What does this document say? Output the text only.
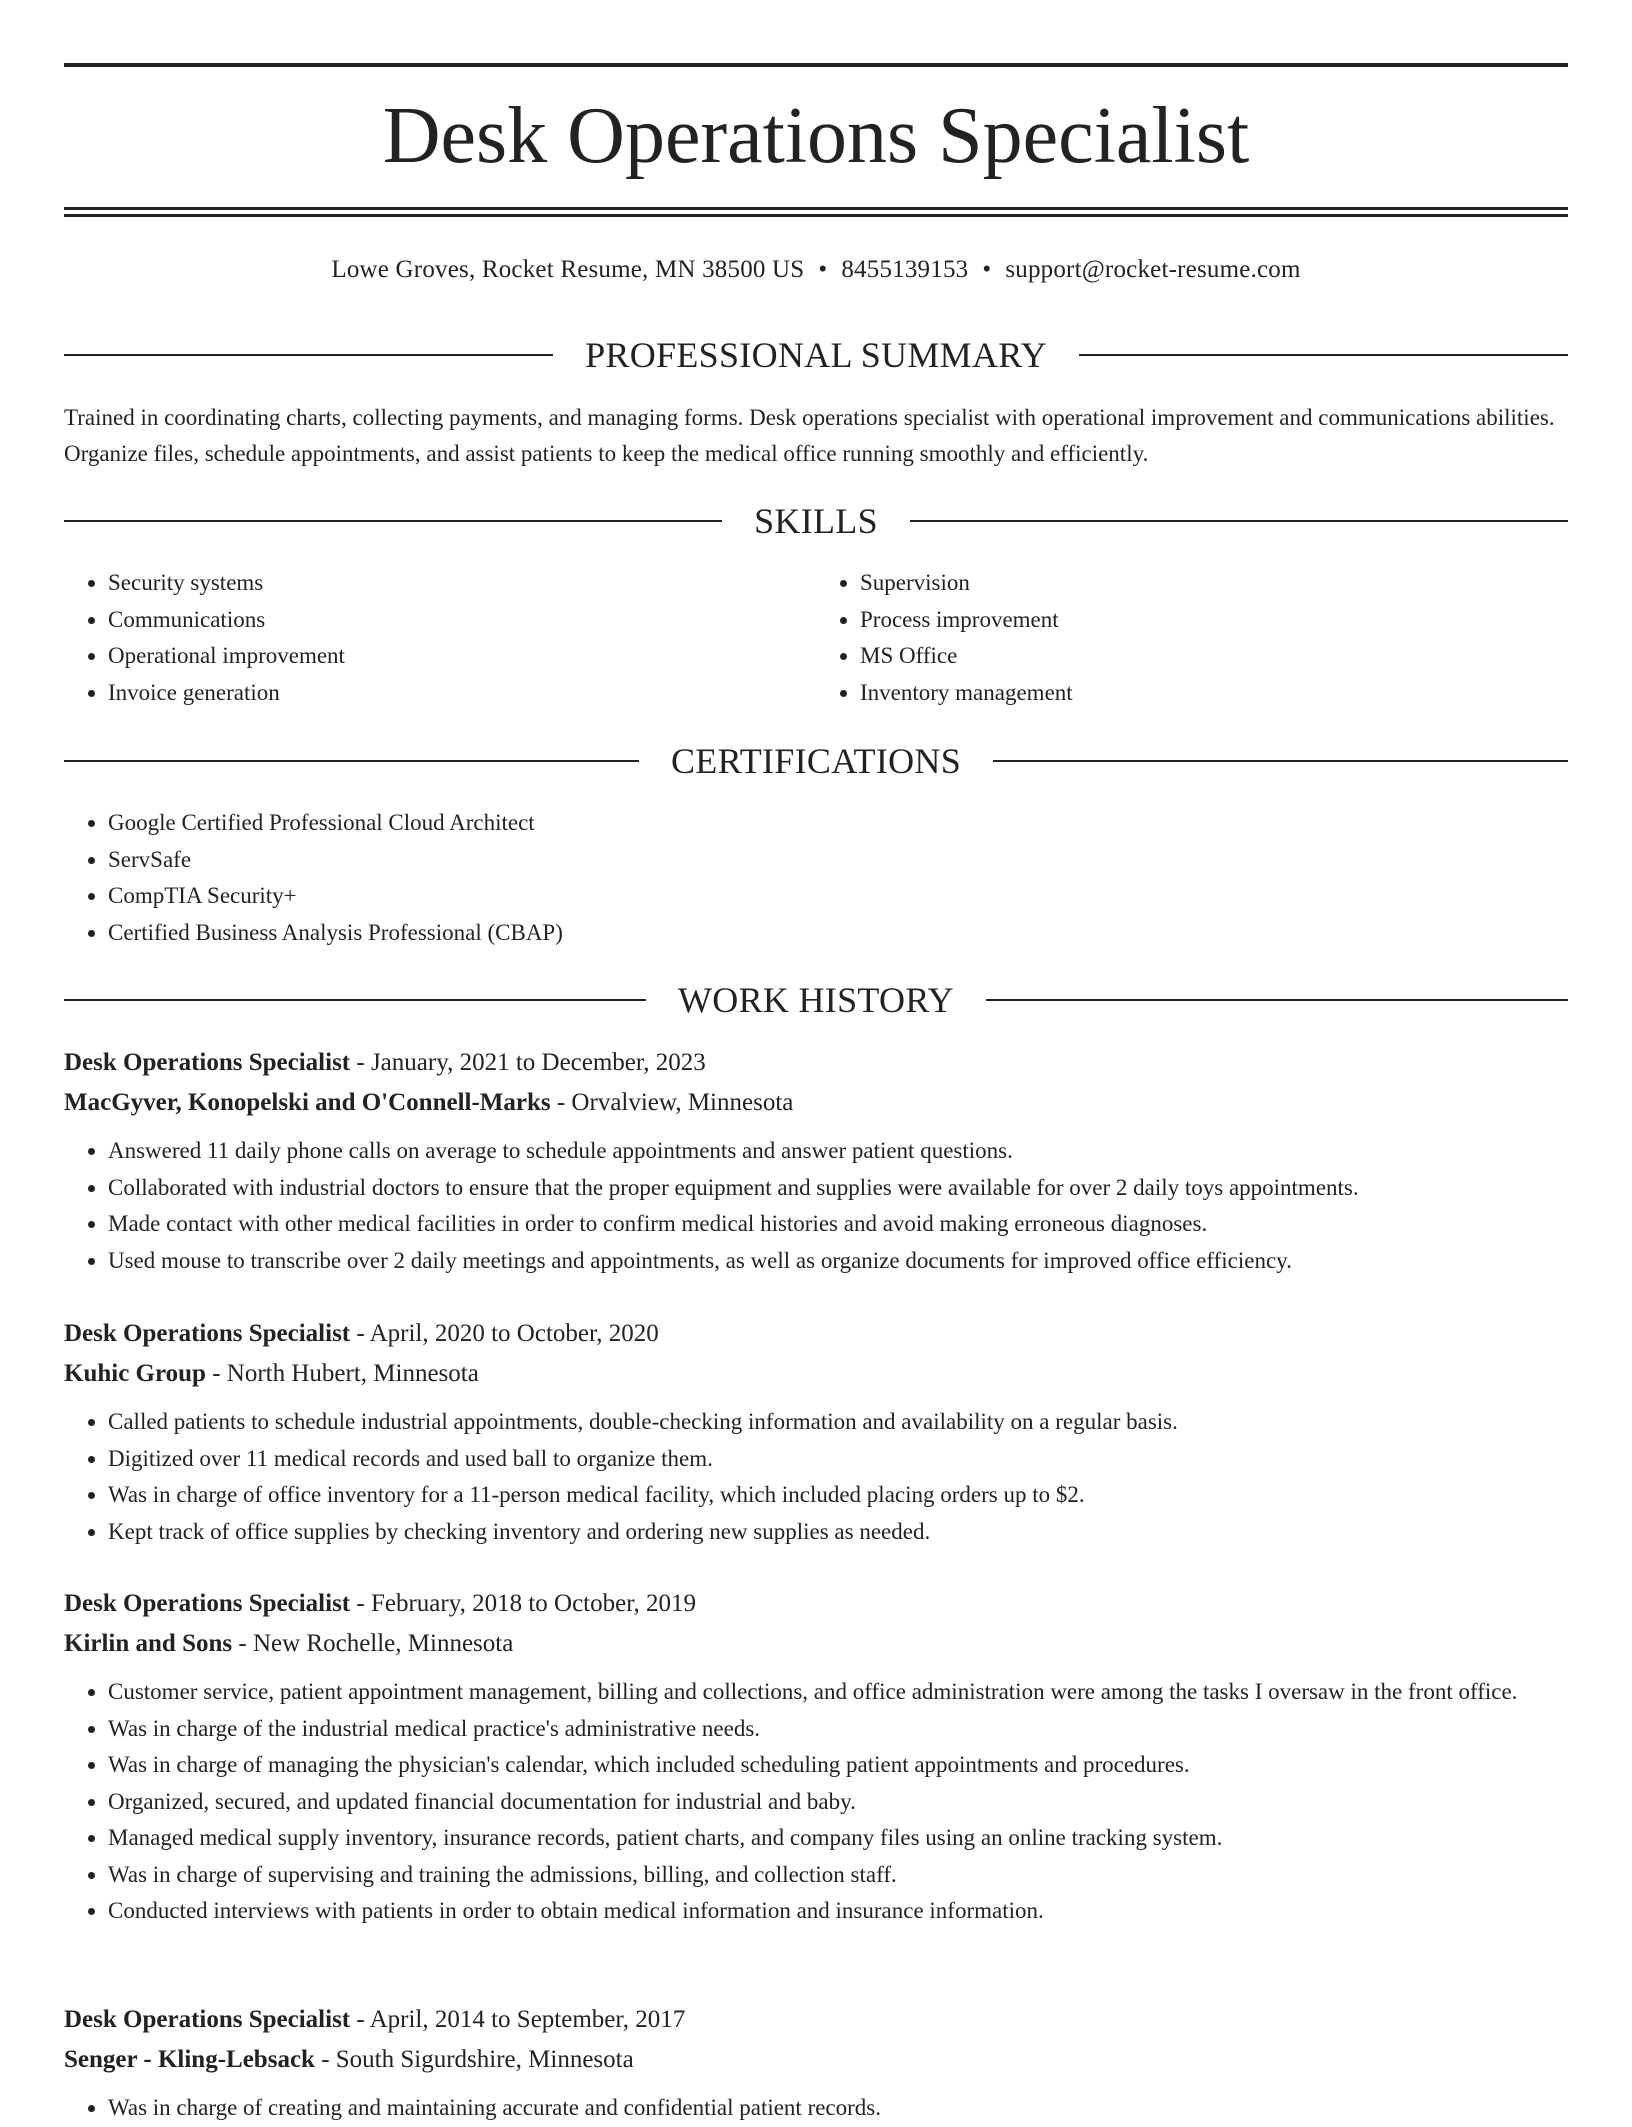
Desk Operations Specialist
Lowe Groves, Rocket Resume, MN 38500 US • 8455139153 • support@rocket-resume.com
PROFESSIONAL SUMMARY

Trained in coordinating charts, collecting payments, and managing forms. Desk operations specialist with operational improvement and communications abilities. Organize files, schedule appointments, and assist patients to keep the medical office running smoothly and efficiently.

SKILLS
• Security systems
• Communications
• Operational improvement
• Invoice generation
• Supervision
• Process improvement
• MS Office
• Inventory management
CERTIFICATIONS
• Google Certified Professional Cloud Architect
• ServSafe
• CompTIA Security+
• Certified Business Analysis Professional (CBAP)
WORK HISTORY
Desk Operations Specialist - January, 2021 to December, 2023
MacGyver, Konopelski and O'Connell-Marks - Orvalview, Minnesota
• Answered 11 daily phone calls on average to schedule appointments and answer patient questions.
• Collaborated with industrial doctors to ensure that the proper equipment and supplies were available for over 2 daily toys appointments.
• Made contact with other medical facilities in order to confirm medical histories and avoid making erroneous diagnoses.
• Used mouse to transcribe over 2 daily meetings and appointments, as well as organize documents for improved office efficiency.
Desk Operations Specialist - April, 2020 to October, 2020
Kuhic Group - North Hubert, Minnesota
• Called patients to schedule industrial appointments, double-checking information and availability on a regular basis.
• Digitized over 11 medical records and used ball to organize them.
• Was in charge of office inventory for a 11-person medical facility, which included placing orders up to $2.
• Kept track of office supplies by checking inventory and ordering new supplies as needed.
Desk Operations Specialist - February, 2018 to October, 2019
Kirlin and Sons - New Rochelle, Minnesota
• Customer service, patient appointment management, billing and collections, and office administration were among the tasks I oversaw in the front office.
• Was in charge of the industrial medical practice's administrative needs.
• Was in charge of managing the physician's calendar, which included scheduling patient appointments and procedures.
• Organized, secured, and updated financial documentation for industrial and baby.
• Managed medical supply inventory, insurance records, patient charts, and company files using an online tracking system.
• Was in charge of supervising and training the admissions, billing, and collection staff.
• Conducted interviews with patients in order to obtain medical information and insurance information.
Desk Operations Specialist - April, 2014 to September, 2017
Senger - Kling-Lebsack - South Sigurdshire, Minnesota
• Was in charge of creating and maintaining accurate and confidential patient records.
